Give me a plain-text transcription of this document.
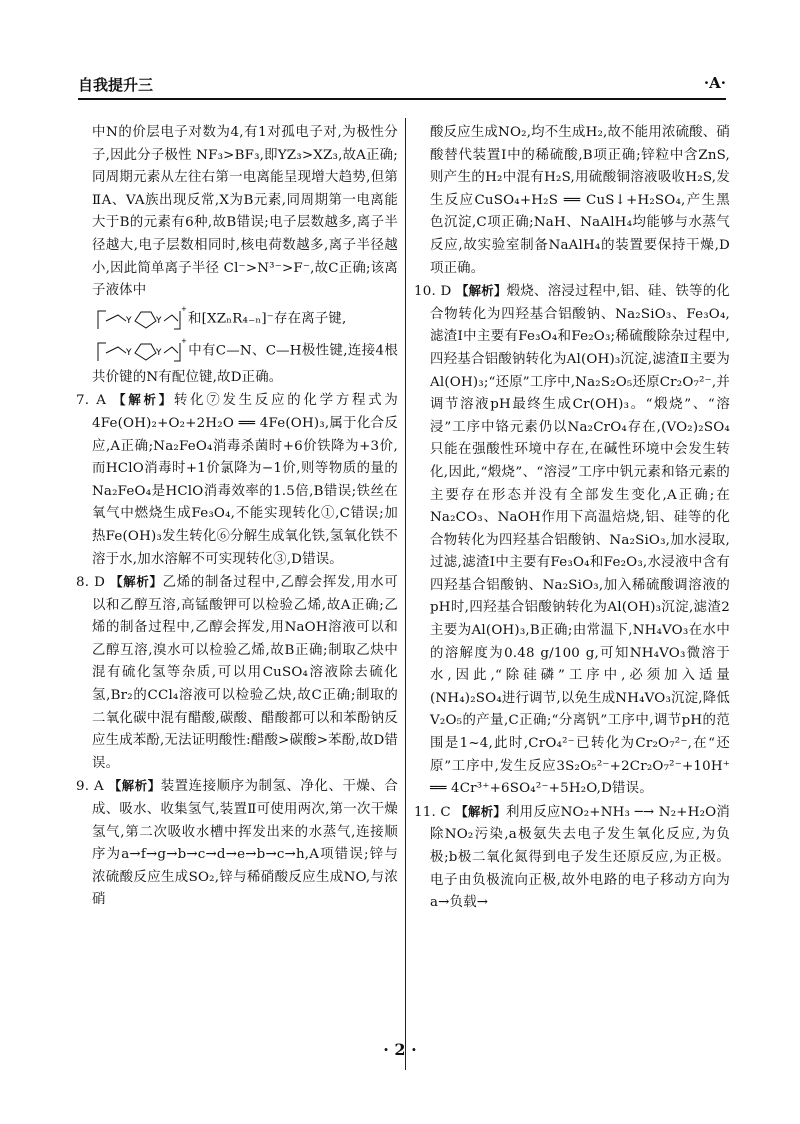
自我提升三	·A·

中N的价层电子对数为4,有1对孤电子对,为极性分子,因此分子极性 NF₃>BF₃,即YZ₃>XZ₃,故A正确;同周期元素从左往右第一电离能呈现增大趋势,但第ⅡA、VA族出现反常,X为B元素,同周期第一电离能大于B的元素有6种,故B错误;电子层数越多,离子半径越大,电子层数相同时,核电荷数越多,离子半径越小,因此简单离子半径 Cl⁻>N³⁻>F⁻,故C正确;该离子液体中

Y	Y
+
和[XZₙR₄₋ₙ]⁻存在离子键,

Y	Y
+
中有C—N、C—H极性键,连接4根共价键的N有配位键,故D正确。

7. A 【解析】转化⑦发生反应的化学方程式为4Fe(OH)₂+O₂+2H₂O ══ 4Fe(OH)₃,属于化合反应,A正确;Na₂FeO₄消毒杀菌时+6价铁降为+3价,而HClO消毒时+1价氯降为−1价,则等物质的量的Na₂FeO₄是HClO消毒效率的1.5倍,B错误;铁丝在氧气中燃烧生成Fe₃O₄,不能实现转化①,C错误;加热Fe(OH)₃发生转化⑥分解生成氧化铁,氢氧化铁不溶于水,加水溶解不可实现转化③,D错误。

8. D 【解析】乙烯的制备过程中,乙醇会挥发,用水可以和乙醇互溶,高锰酸钾可以检验乙烯,故A正确;乙烯的制备过程中,乙醇会挥发,用NaOH溶液可以和乙醇互溶,溴水可以检验乙烯,故B正确;制取乙炔中混有硫化氢等杂质,可以用CuSO₄溶液除去硫化氢,Br₂的CCl₄溶液可以检验乙炔,故C正确;制取的二氧化碳中混有醋酸,碳酸、醋酸都可以和苯酚钠反应生成苯酚,无法证明酸性:醋酸>碳酸>苯酚,故D错误。

9. A 【解析】装置连接顺序为制氢、净化、干燥、合成、吸水、收集氢气,装置Ⅱ可使用两次,第一次干燥氢气,第二次吸收水槽中挥发出来的水蒸气,连接顺序为a→f→g→b→c→d→e→b→c→h,A项错误;锌与浓硫酸反应生成SO₂,锌与稀硝酸反应生成NO,与浓硝

酸反应生成NO₂,均不生成H₂,故不能用浓硫酸、硝酸替代装置Ⅰ中的稀硫酸,B项正确;锌粒中含ZnS,则产生的H₂中混有H₂S,用硫酸铜溶液吸收H₂S,发生反应CuSO₄+H₂S ══ CuS↓+H₂SO₄,产生黑色沉淀,C项正确;NaH、NaAlH₄均能够与水蒸气反应,故实验室制备NaAlH₄的装置要保持干燥,D项正确。

10. D 【解析】煅烧、溶浸过程中,铝、硅、铁等的化合物转化为四羟基合铝酸钠、Na₂SiO₃、Fe₃O₄,滤渣Ⅰ中主要有Fe₃O₄和Fe₂O₃;稀硫酸除杂过程中,四羟基合铝酸钠转化为Al(OH)₃沉淀,滤渣Ⅱ主要为Al(OH)₃;“还原”工序中,Na₂S₂O₅还原Cr₂O₇²⁻,并调节溶液pH最终生成Cr(OH)₃。“煅烧”、“溶浸”工序中铬元素仍以Na₂CrO₄存在,(VO₂)₂SO₄只能在强酸性环境中存在,在碱性环境中会发生转化,因此,“煅烧”、“溶浸”工序中钒元素和铬元素的主要存在形态并没有全部发生变化,A正确;在Na₂CO₃、NaOH作用下高温焙烧,铝、硅等的化合物转化为四羟基合铝酸钠、Na₂SiO₃,加水浸取,过滤,滤渣Ⅰ中主要有Fe₃O₄和Fe₂O₃,水浸液中含有四羟基合铝酸钠、Na₂SiO₃,加入稀硫酸调溶液的pH时,四羟基合铝酸钠转化为Al(OH)₃沉淀,滤渣2主要为Al(OH)₃,B正确;由常温下,NH₄VO₃在水中的溶解度为0.48 g/100 g,可知NH₄VO₃微溶于水,因此,“除硅磷”工序中,必须加入适量(NH₄)₂SO₄进行调节,以免生成NH₄VO₃沉淀,降低V₂O₅的产量,C正确;“分离钒”工序中,调节pH的范围是1~4,此时,CrO₄²⁻已转化为Cr₂O₇²⁻,在“还原”工序中,发生反应3S₂O₅²⁻+2Cr₂O₇²⁻+10H⁺ ══ 4Cr³⁺+6SO₄²⁻+5H₂O,D错误。

11. C 【解析】利用反应NO₂+NH₃ ─→ N₂+H₂O消除NO₂污染,a极氨失去电子发生氧化反应,为负极;b极二氧化氮得到电子发生还原反应,为正极。电子由负极流向正极,故外电路的电子移动方向为a→负载→

· 2 ·
